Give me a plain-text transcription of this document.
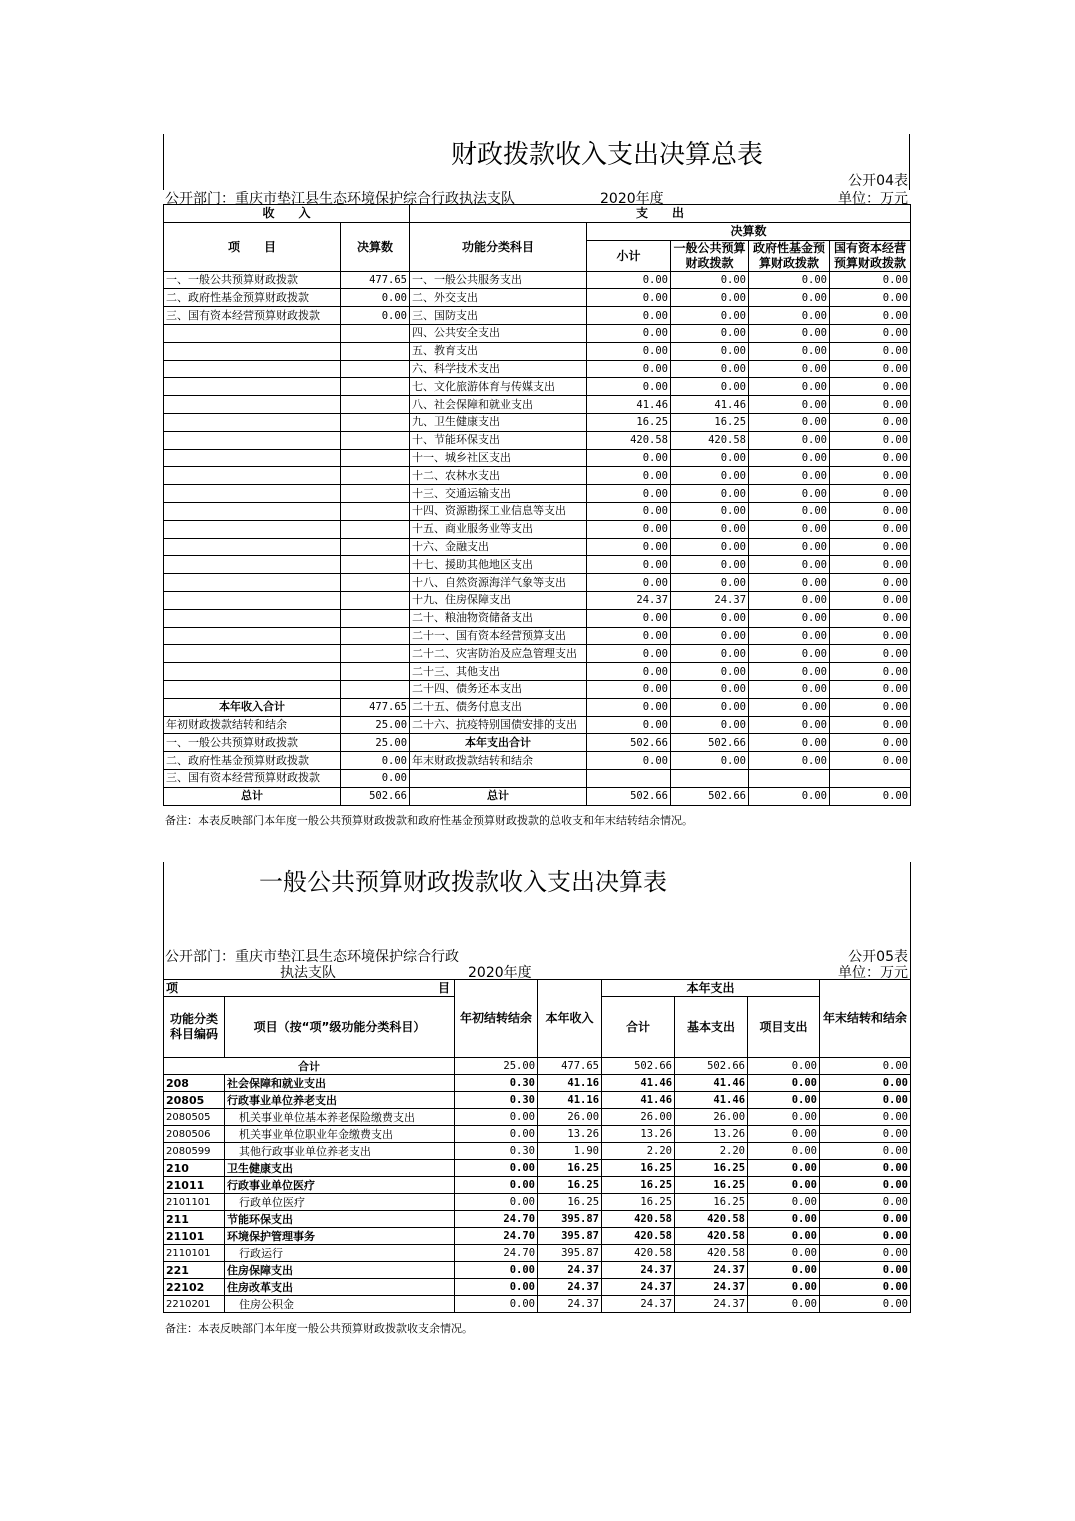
财政拨款收入支出决算总表
公开04表
公开部门：重庆市垫江县生态环境保护综合行政执法支队	2020年度	单位：万元
收　　入		支　　出				
项　　目	决算数	功能分类科目	决算数			
			小计	一般公共预算财政拨款	政府性基金预算财政拨款	国有资本经营预算财政拨款

一、一般公共预算财政拨款	477.65	一、一般公共服务支出	0.00	0.00	0.00	0.00
二、政府性基金预算财政拨款	0.00	二、外交支出	0.00	0.00	0.00	0.00
三、国有资本经营预算财政拨款	0.00	三、国防支出	0.00	0.00	0.00	0.00
		四、公共安全支出	0.00	0.00	0.00	0.00
		五、教育支出	0.00	0.00	0.00	0.00
		六、科学技术支出	0.00	0.00	0.00	0.00
		七、文化旅游体育与传媒支出	0.00	0.00	0.00	0.00
		八、社会保障和就业支出	41.46	41.46	0.00	0.00
		九、卫生健康支出	16.25	16.25	0.00	0.00
		十、节能环保支出	420.58	420.58	0.00	0.00
		十一、城乡社区支出	0.00	0.00	0.00	0.00
		十二、农林水支出	0.00	0.00	0.00	0.00
		十三、交通运输支出	0.00	0.00	0.00	0.00
		十四、资源勘探工业信息等支出	0.00	0.00	0.00	0.00
		十五、商业服务业等支出	0.00	0.00	0.00	0.00
		十六、金融支出	0.00	0.00	0.00	0.00
		十七、援助其他地区支出	0.00	0.00	0.00	0.00
		十八、自然资源海洋气象等支出	0.00	0.00	0.00	0.00
		十九、住房保障支出	24.37	24.37	0.00	0.00
		二十、粮油物资储备支出	0.00	0.00	0.00	0.00
		二十一、国有资本经营预算支出	0.00	0.00	0.00	0.00
		二十二、灾害防治及应急管理支出	0.00	0.00	0.00	0.00
		二十三、其他支出	0.00	0.00	0.00	0.00
		二十四、债务还本支出	0.00	0.00	0.00	0.00
本年收入合计	477.65	二十五、债务付息支出	0.00	0.00	0.00	0.00
年初财政拨款结转和结余	25.00	二十六、抗疫特别国债安排的支出	0.00	0.00	0.00	0.00
一、一般公共预算财政拨款	25.00	本年支出合计	502.66	502.66	0.00	0.00
二、政府性基金预算财政拨款	0.00	年末财政拨款结转和结余	0.00	0.00	0.00	0.00
三、国有资本经营预算财政拨款	0.00					
总计	502.66	总计	502.66	502.66	0.00	0.00
备注：本表反映部门本年度一般公共预算财政拨款和政府性基金预算财政拨款的总收支和年末结转结余情况。
一般公共预算财政拨款收入支出决算表
公开05表
公开部门：重庆市垫江县生态环境保护综合行政
执法支队	2020年度	单位：万元
项 目		年初结转结余	本年收入	本年支出			年末结转和结余
功能分类科目编码	项目（按“项”级功能分类科目）			合计	基本支出	项目支出	

合计		25.00	477.65	502.66	502.66	0.00	0.00
208	社会保障和就业支出	0.30	41.16	41.46	41.46	0.00	0.00
20805	行政事业单位养老支出	0.30	41.16	41.46	41.46	0.00	0.00
2080505	机关事业单位基本养老保险缴费支出	0.00	26.00	26.00	26.00	0.00	0.00
2080506	机关事业单位职业年金缴费支出	0.00	13.26	13.26	13.26	0.00	0.00
2080599	其他行政事业单位养老支出	0.30	1.90	2.20	2.20	0.00	0.00
210	卫生健康支出	0.00	16.25	16.25	16.25	0.00	0.00
21011	行政事业单位医疗	0.00	16.25	16.25	16.25	0.00	0.00
2101101	行政单位医疗	0.00	16.25	16.25	16.25	0.00	0.00
211	节能环保支出	24.70	395.87	420.58	420.58	0.00	0.00
21101	环境保护管理事务	24.70	395.87	420.58	420.58	0.00	0.00
2110101	行政运行	24.70	395.87	420.58	420.58	0.00	0.00
221	住房保障支出	0.00	24.37	24.37	24.37	0.00	0.00
22102	住房改革支出	0.00	24.37	24.37	24.37	0.00	0.00
2210201	住房公积金	0.00	24.37	24.37	24.37	0.00	0.00
备注：本表反映部门本年度一般公共预算财政拨款收支余情况。
